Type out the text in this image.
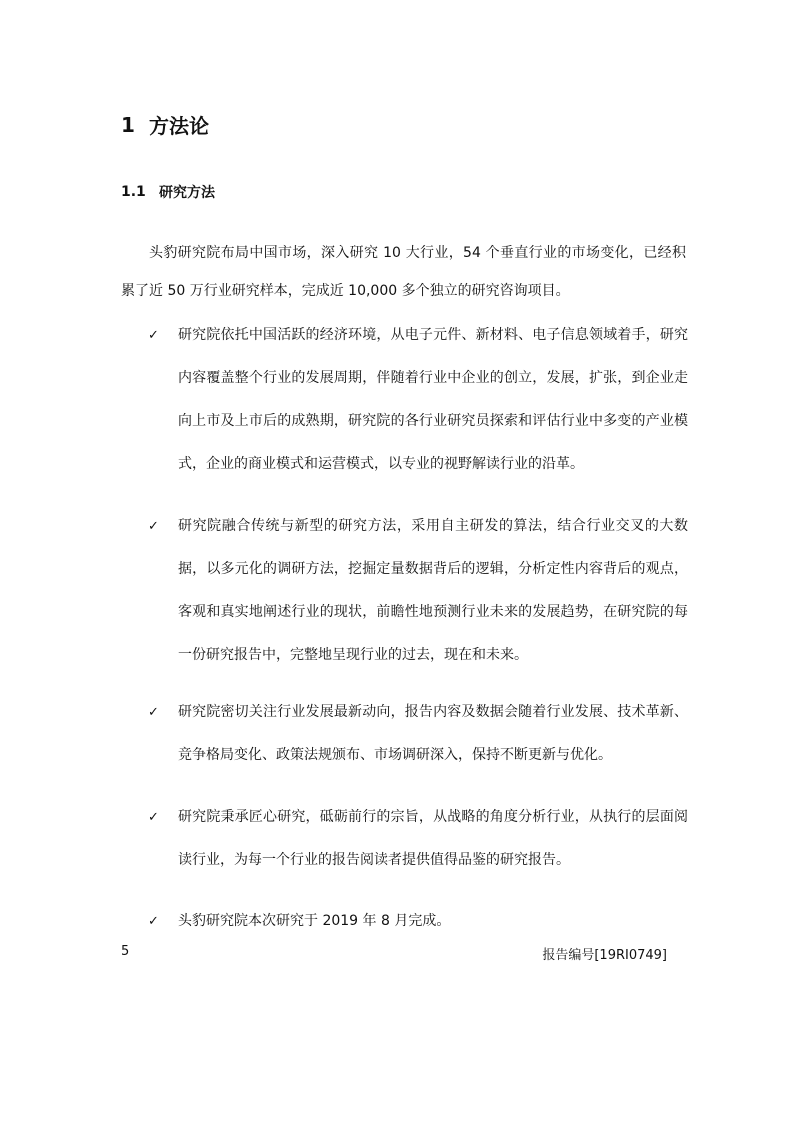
1 方法论
1.1 研究方法

头豹研究院布局中国市场，深入研究 10 大行业，54 个垂直行业的市场变化，已经积累了近 50 万行业研究样本，完成近 10,000 多个独立的研究咨询项目。

✓	研究院依托中国活跃的经济环境，从电子元件、新材料、电子信息领域着手，研究内容覆盖整个行业的发展周期，伴随着行业中企业的创立，发展，扩张，到企业走向上市及上市后的成熟期，研究院的各行业研究员探索和评估行业中多变的产业模式，企业的商业模式和运营模式，以专业的视野解读行业的沿革。
✓	研究院融合传统与新型的研究方法，采用自主研发的算法，结合行业交叉的大数据，以多元化的调研方法，挖掘定量数据背后的逻辑，分析定性内容背后的观点，客观和真实地阐述行业的现状，前瞻性地预测行业未来的发展趋势，在研究院的每一份研究报告中，完整地呈现行业的过去，现在和未来。
✓	研究院密切关注行业发展最新动向，报告内容及数据会随着行业发展、技术革新、竞争格局变化、政策法规颁布、市场调研深入，保持不断更新与优化。
✓	研究院秉承匠心研究，砥砺前行的宗旨，从战略的角度分析行业，从执行的层面阅读行业，为每一个行业的报告阅读者提供值得品鉴的研究报告。
✓	头豹研究院本次研究于 2019 年 8 月完成。
5	报告编号[19RI0749]
